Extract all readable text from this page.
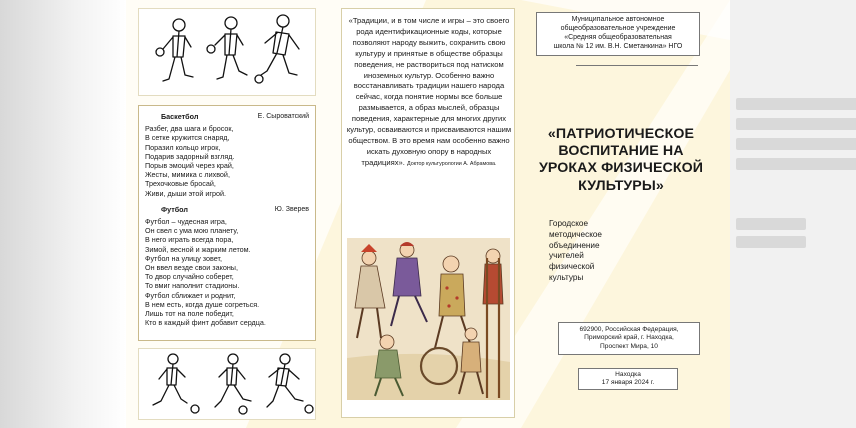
Баскетбол	Е. Сыроватский
Разбег, два шага и бросок,
В сетке кружится снаряд,
Поразил кольцо игрок,
Подарив задорный взгляд.
Порыв эмоций через край,
Жесты, мимика с лихвой,
Трехочковые бросай,
Живи, дыши этой игрой.
Футбол	Ю. Зверев
Футбол – чудесная игра,
Он свел с ума мою планету,
В него играть всегда пора,
Зимой, весной и жарким летом.
Футбол на улицу зовет,
Он ввел везде свои законы,
То двор случайно соберет,
То вмиг наполнит стадионы.
Футбол сближает и роднит,
В нем есть, когда душе согреться.
Лишь тот на поле победит,
Кто в каждый финт добавит сердца.
«Традиции, и в том числе и игры – это своего рода идентификационные коды, которые позволяют народу выжить, сохранить свою культуру и принятые в обществе образцы поведения, не раствориться под натиском иноземных культур. Особенно важно восстанавливать традиции нашего народа сейчас, когда понятие нормы все больше размывается, а образ мыслей, образцы поведения, характерные для многих других культур, осваиваются и присваиваются нашим обществом. В это время нам особенно важно искать духовную опору в народных традициях». Доктор культурологии А. Абрамова.
Муниципальное автономное
общеобразовательное учреждение
«Средняя общеобразовательная
школа № 12 им. В.Н. Сметанкина» НГО
«ПАТРИОТИЧЕСКОЕ
ВОСПИТАНИЕ НА
УРОКАХ ФИЗИЧЕСКОЙ
КУЛЬТУРЫ»
Городское
методическое
объединение
учителей
физической
культуры
692900, Российская Федерация,
Приморский край, г. Находка,
Проспект Мира, 10
Находка
17 января 2024 г.
